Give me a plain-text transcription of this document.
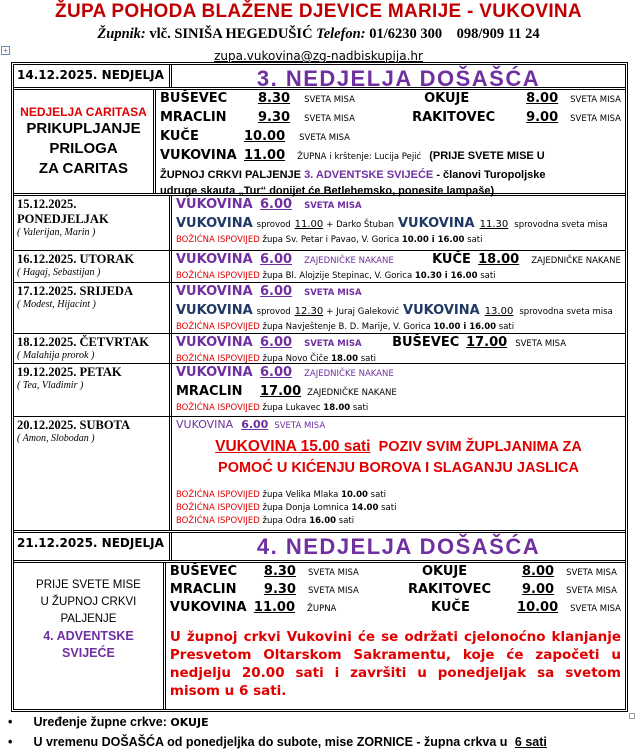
ŽUPA POHODA BLAŽENE DJEVICE MARIJE - VUKOVINA
Župnik: vlč. SINIŠA HEGEDUŠIĆ Telefon: 01/6230 300 098/909 11 24
+	zupa.vukovina@zg-nadbiskupija.hr
14.12.2025. NEDJELJA	3. NEDJELJA DOŠAŠĆA
NEDJELJA CARITASA
PRIKUPLJANJE
PRILOGA
ZA CARITAS
BUŠEVEC	8.30 SVETA MISA	OKUJE	8.00 SVETA MISA
MRACLIN	9.30 SVETA MISA	RAKITOVEC	9.00 SVETA MISA
KUČE	10.00 SVETA MISA
VUKOVINA 11.00 ŽUPNA i krštenje: Lucija Pejić (PRIJE SVETE MISE U
ŽUPNOJ CRKVI PALJENJE 3. ADVENTSKE SVIJEĆE - članovi Turopoljske
udruge skauta „Tur“ donijet će Betlehemsko, ponesite lampaše)
15.12.2025. PONEDJELJAK
( Valerijan, Marin )
VUKOVINA 6.00 SVETA MISA
VUKOVINA sprovod 11.00 + Darko Štuban VUKOVINA 11.30 sprovodna sveta misa
BOŽIĆNA ISPOVIJED župa Sv. Petar i Pavao, V. Gorica 10.00 i 16.00 sati
16.12.2025. UTORAK
( Hagaj, Sebastijan )
VUKOVINA 6.00 ZAJEDNIČKE NAKANE	KUČE 18.00 ZAJEDNIČKE NAKANE
BOŽIĆNA ISPOVIJED župa Bl. Alojzije Stepinac, V. Gorica 10.30 i 16.00 sati
17.12.2025. SRIJEDA
( Modest, Hijacint )
VUKOVINA 6.00 SVETA MISA
VUKOVINA sprovod 12.30 + Juraj Galeković VUKOVINA 13.00 sprovodna sveta misa
BOŽIĆNA ISPOVIJED župa Navještenje B. D. Marije, V. Gorica 10.00 i 16.00 sati
18.12.2025. ČETVRTAK
( Malahija prorok )
VUKOVINA 6.00 SVETA MISA	BUŠEVEC 17.00 SVETA MISA
BOŽIĆNA ISPOVIJED župa Novo Čiče 18.00 sati
19.12.2025. PETAK
( Tea, Vladimir )
VUKOVINA 6.00 ZAJEDNIČKE NAKANE
MRACLIN	17.00 ZAJEDNIČKE NAKANE
BOŽIĆNA ISPOVIJED župa Lukavec 18.00 sati
20.12.2025. SUBOTA
( Amon, Slobodan )
VUKOVINA 6.00 SVETA MISA
VUKOVINA 15.00 sati POZIV SVIM ŽUPLJANIMA ZA
POMOĆ U KIĆENJU BOROVA I SLAGANJU JASLICA
BOŽIĆNA ISPOVIJED župa Velika Mlaka 10.00 sati
BOŽIĆNA ISPOVIJED župa Donja Lomnica 14.00 sati
BOŽIĆNA ISPOVIJED župa Odra 16.00 sati
21.12.2025. NEDJELJA	4. NEDJELJA DOŠAŠĆA
PRIJE SVETE MISE
U ŽUPNOJ CRKVI
PALJENJE
4. ADVENTSKE
SVIJEĆE
BUŠEVEC	8.30 SVETA MISA	OKUJE	8.00 SVETA MISA
MRACLIN	9.30 SVETA MISA	RAKITOVEC	9.00 SVETA MISA
VUKOVINA 11.00 ŽUPNA	KUČE	10.00 SVETA MISA
U župnoj crkvi Vukovini će se održati cjelonoćno klanjanje Presvetom Oltarskom Sakramentu, koje će započeti u nedjelju 20.00 sati i završiti u ponedjeljak sa svetom misom u 6 sati.
• Uređenje župne crkve: OKUJE
• U vremenu DOŠAŠĆA od ponedjeljka do subote, mise ZORNICE - župna crkva u 6 sati
